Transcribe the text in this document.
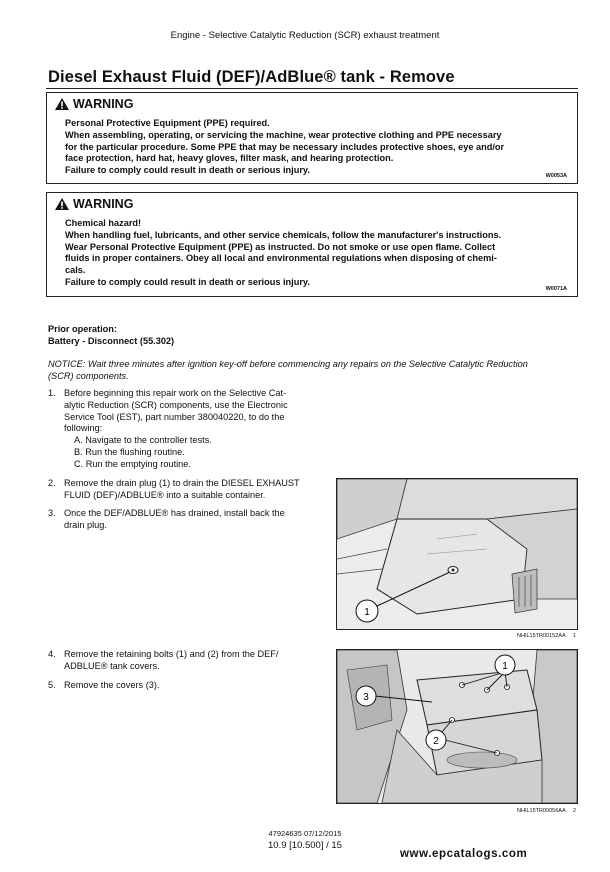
Engine - Selective Catalytic Reduction (SCR) exhaust treatment
Diesel Exhaust Fluid (DEF)/AdBlue® tank - Remove
WARNING
Personal Protective Equipment (PPE) required.
When assembling, operating, or servicing the machine, wear protective clothing and PPE necessary
for the particular procedure. Some PPE that may be necessary includes protective shoes, eye and/or
face protection, hard hat, heavy gloves, filter mask, and hearing protection.
Failure to comply could result in death or serious injury.
W0053A
WARNING
Chemical hazard!
When handling fuel, lubricants, and other service chemicals, follow the manufacturer's instructions.
Wear Personal Protective Equipment (PPE) as instructed. Do not smoke or use open flame. Collect
fluids in proper containers. Obey all local and environmental regulations when disposing of chemi-
cals.
Failure to comply could result in death or serious injury.
W0071A
Prior operation:
Battery - Disconnect (55.302)
NOTICE: Wait three minutes after ignition key-off before commencing any repairs on the Selective Catalytic Reduction
(SCR) components.
1. Before beginning this repair work on the Selective Cat-
alytic Reduction (SCR) components, use the Electronic
Service Tool (EST), part number 380040220, to do the
following:
A. Navigate to the controller tests.
B. Run the flushing routine.
C. Run the emptying routine.
2. Remove the drain plug (1) to drain the DIESEL EXHAUST
FLUID (DEF)/ADBLUE® into a suitable container.
3. Once the DEF/ADBLUE® has drained, install back the
drain plug.
1
NHIL15TR00152AA 1
4. Remove the retaining bolts (1) and (2) from the DEF/
ADBLUE® tank covers.
5. Remove the covers (3).
1
2
3
NHIL15TR00056AA 2
47924635 07/12/2015
10.9 [10.500] / 15
www.epcatalogs.com
